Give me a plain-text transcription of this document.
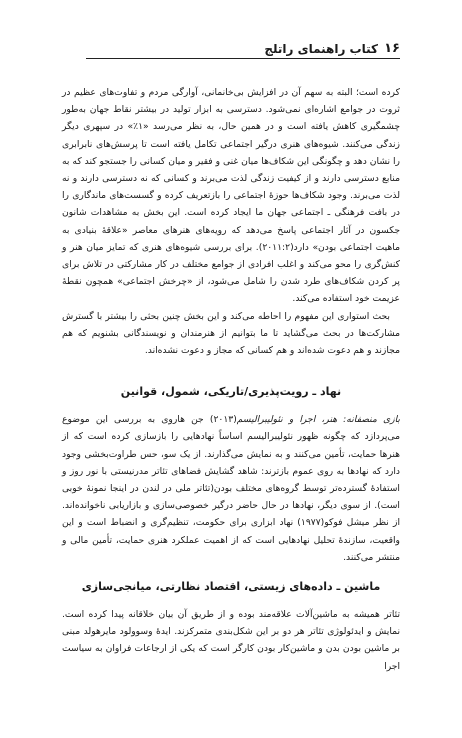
۱۶
کتاب راهنمای راتلج

کرده است؛ البته به سهم آن در افزایش بی‌خانمانی، آوارگی مردم و تفاوت‌های عظیم در ثروت در جوامع اشاره‌ای نمی‌شود. دسترسی به ابزار تولید در بیشتر نقاط جهان به‌طور چشمگیری کاهش یافته است و در همین حال، به نظر می‌رسد «۱٪» در سپهری دیگر زندگی می‌کنند. شیوه‌های هنری درگیر اجتماعی تکامل یافته است تا پرسش‌های نابرابری را نشان دهد و چگونگی این شکاف‌ها میان غنی و فقیر و میان کسانی را جستجو کند که به منابع دسترسی دارند و از کیفیت زندگی لذت می‌برند و کسانی که نه دسترسی دارند و نه لذت می‌برند. وجود شکاف‌ها حوزهٔ اجتماعی را بازتعریف کرده و گسست‌های ماندگاری را در بافت فرهنگی ـ اجتماعی جهان ما ایجاد کرده است. این بخش به مشاهدات شانون جکسون در آثار اجتماعی پاسخ می‌دهد که رویه‌های هنرهای معاصر «علاقهٔ بنیادی به ماهیت اجتماعی بودن» دارد(۲۰۱۱:۲). برای بررسی شیوه‌های هنری که تمایز میان هنر و کنش‌گری را محو می‌کند و اغلب افرادی از جوامع مختلف در کار مشارکتی در تلاش برای پر کردن شکاف‌های طرد شدن را شامل می‌شود، از «چرخش اجتماعی» همچون نقطهٔ عزیمت خود استفاده می‌کند.

بحث استواری این مفهوم را احاطه می‌کند و این بخش چنین بحثی را بیشتر با گسترش مشارکت‌ها در بحث می‌گشاید تا ما بتوانیم از هنرمندان و نویسندگانی بشنویم که هم مجازند و هم دعوت شده‌اند و هم کسانی که مجاز و دعوت نشده‌اند.

نهاد ـ رویت‌پذیری/تاریکی، شمول، قوانین

بازی منصفانه: هنر، اجرا و نئولیبرالیسم(۲۰۱۳) جن هاروی به بررسی این موضوع می‌پردازد که چگونه ظهور نئولیبرالیسم اساساً نهادهایی را بازسازی کرده است که از هنرها حمایت، تأمین می‌کنند و به نمایش می‌گذارند. از یک سو، حس طراوت‌بخشی وجود دارد که نهادها به روی عموم بازترند: شاهد گشایش فضاهای تئاتر مدرنیستی با نور روز و استفادهٔ گسترده‌تر توسط گروه‌های مختلف بودن(تئاتر ملی در لندن در اینجا نمونهٔ خوبی است). از سوی دیگر، نهادها در حال حاضر درگیر خصوصی‌سازی و بازاریابی ناخوانده‌اند. از نظر میشل فوکو(۱۹۷۷) نهاد ابزاری برای حکومت، تنظیم‌گری و انضباط است و این واقعیت، سازندهٔ تحلیل نهادهایی است که از اهمیت عملکرد هنری حمایت، تأمین مالی و منتشر می‌کنند.

ماشین ـ داده‌های زیستی، اقتصاد نظارتی، میانجی‌سازی

تئاتر همیشه به ماشین‌آلات علاقه‌مند بوده و از طریق آن بیان خلاقانه پیدا کرده است. نمایش و ایدئولوژی تئاتر هر دو بر این شکل‌بندی متمرکزند. ایدهٔ وسوولود مایرهولد مبنی بر ماشین بودن بدن و ماشین‌کار بودن کارگر است که یکی از ارجاعات فراوان به سیاست اجرا
